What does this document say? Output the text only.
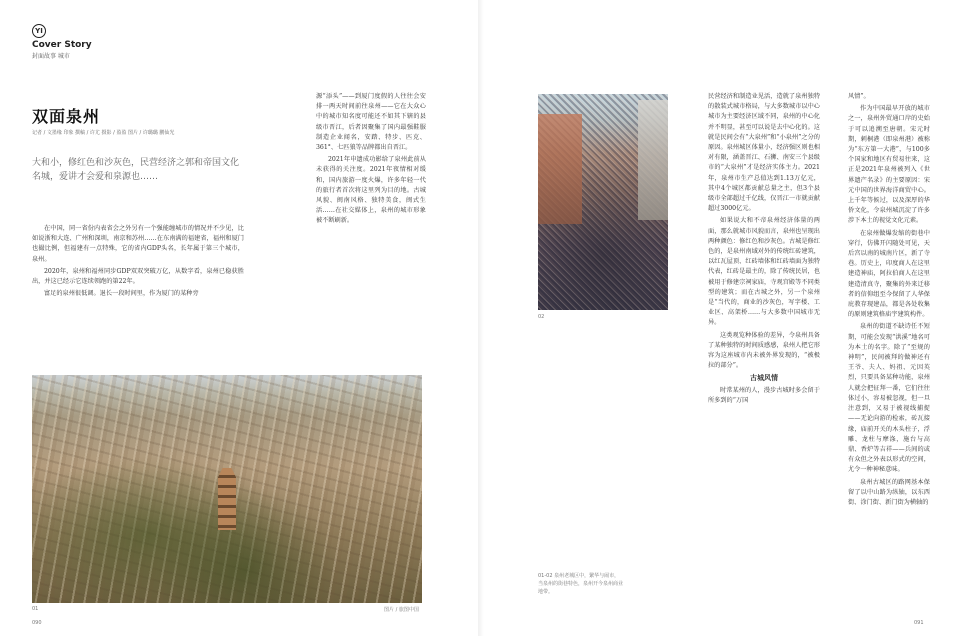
YI
Cover Story
封面故事 城市
双面泉州
记者 / 文墨缘 印象 撰稿 / 许尤 摄影 / 盈盈 图片 / 许璐璐 鹏仙光
大和小，修红色和沙灰色，民营经济之郭和帝国文化名城，爱讲才会爱和泉源也……

在中国，同一省份内表省会之外另有一个强能缠城市的情况并不少见，比如说浙和大连、广州和深圳，南京和苏州……在东南满的福建省，福州和厦门也撮比例，但福建有一点特殊，它的省内GDP头名，长年属于第三个城市，泉州。

2020年，泉州和福州同步GDP双双突破万亿，从数字看，泉州已稳获胜出，并这已经示它连续领跑的第22年。

富足的泉州很低调。退长一段时间里，作为厦门的某种旁

源“添头”——到厦门度假的人往往会安排一两天时间前往泉州——它在大众心中的城市知名度可能还不如其下辖的县级市晋江，后者因聚集了国内最强鞋服制造企业闻名，安踏、特步、匹克、361°、七匹狼等品牌都出自晋江。

2021年申遗成功影给了泉州此前从未获得的关注度。2021年夜情相对缓和，国内旅游一度火爆，许多年轻一代的旅行者首次将这里列为目的地。古城风貌、闽南风格、独特美食，闽式生活……在社交媒体上，泉州的城市形象被不断刷新。

01	图片 / 旅图中国
02

民营经济和制造业见活，造就了泉州独特的散装式城市格局，与大多数城市以中心城市为主要经济区域不同，泉州的中心化并不明显，甚至可以说是去中心化的。这就是民间会有“大泉州”和“小泉州”之分的原因。泉州城区体量小，经济强区则也相对有限，涵盖晋江、石狮、南安三个县级市的“大泉州”才是经济实体主力。2021年，泉州市生产总值达到1.13万亿元，其中4个城区都贡献总量之主，但3个县级市全部超过千亿线，仅晋江一市就贡献超过3000亿元。

如果说大和不帝泉州经济体量的两面，那么就城市风貌而言，泉州也呈现出两种颜色：修红色和沙灰色。古城是修红色的，是泉州南域对外的传统红砖建筑，以红瓦屋顶、红砖墙体和红砖墙面为独特代表，红砖是最主的，除了传统民居，也被用于修建宗祠家庙，寺观宫殿等不同类型的建筑；而在古城之外，另一个泉州是“当代的，商业的沙灰色，写字楼、工业区、高架桥……与大多数中国城市无异。

这类观览种体验的差异，令泉州具备了某种独特的时间质感感，泉州人把它形容为这座城市内未被外界发现的，“被极拉的部分”。

古城风情

时常某州的人，漫步古城时多会留于所多到的“万国

风情”。

作为中国最早开放的城市之一，泉州外贸通口岸的史始于可以追溯至唐朝。宋元时期，刺桐港（即泉州港）被称为“东方第一大港”，与100多个国家和地区有贸易往来，这正是2021年泉州被列入《世界遗产名录》的主要原因：宋元中国的世界海洋商贸中心。上千年等候过，以及深厚的华侨文化，令泉州城沉淀了许多涉下本土的视觉文化元素。

在泉州做爆发缩的街巷中穿行，仿佛开闪随处可见，天后宫以南的城南片区，新了寺巷。历史上，印度商人在这里建造神庙，阿拉伯商人在这里建造清真寺，聚集的外来迁移者的信仰组至今保留了人华保庇教存现建品，都是各处收集的原则建筑格庙宇建筑构件。

泉州的街道不缺诗任不短期，可能会发现“洪溪”地名可为本土的名字。除了“至规的神明”，民间被拜的做神还有王爷、夫人、妈祖、元因英烈，只要具备某种功能，泉州人就会把征拜一番，它们往往体过小，容易被忽视，但一旦注意到，又易于被视线捕捉——无论向游的检索，砖瓦接缘，庙前开关的木头柱子，浮雕、龙柱与摩涤，施台与高鼎、香炉等吉祥——兵间的或有众但之外表以形式的空间，尤令一种神秘意味。

泉州古城区的路网基本保留了以中山路为纵轴，以东西街、涂门街、新门街为横轴的

01-02 泉州老城区中，繁华与闹市，当泉州的街巷特色，泉州开今泉州商业地带。
090	091
